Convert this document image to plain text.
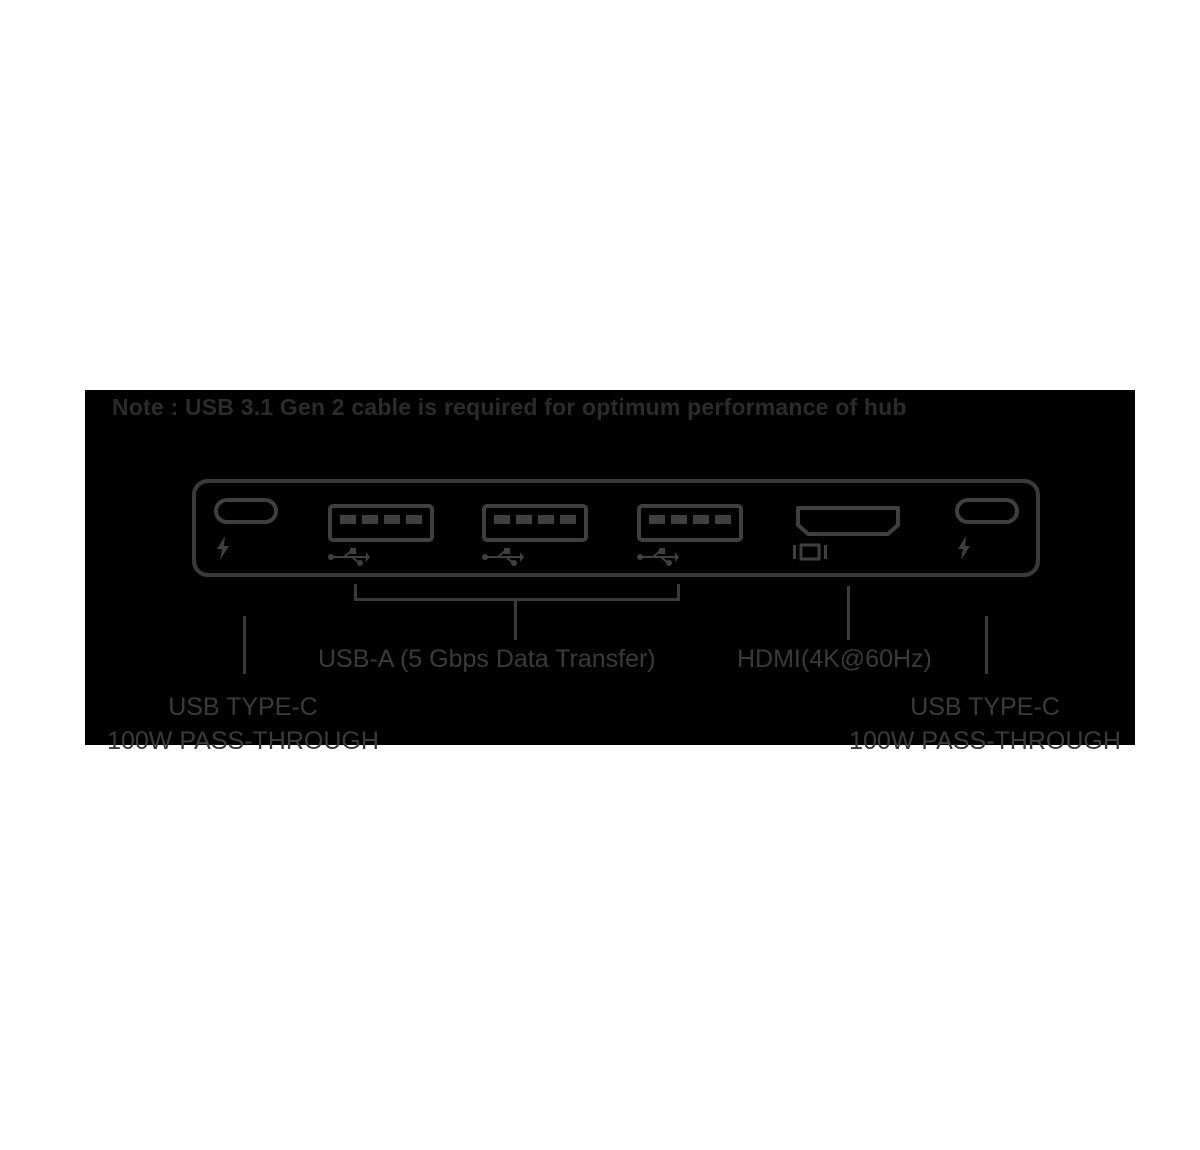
Note : USB 3.1 Gen 2 cable is required for optimum performance of hub
USB-A (5 Gbps Data Transfer)	HDMI(4K@60Hz)
USB TYPE-C
100W PASS-THROUGH
USB TYPE-C
100W PASS-THROUGH
